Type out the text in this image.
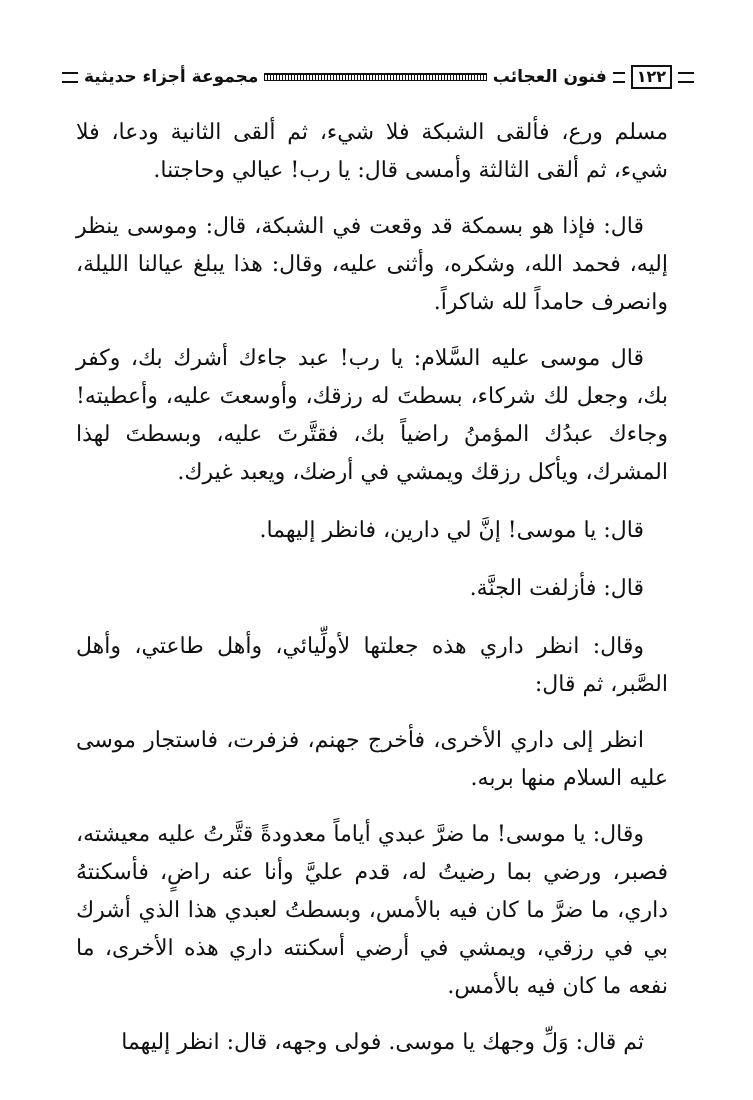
١٢٢
فنون العجائب
مجموعة أجزاء حديثية

مسلم ورع، فألقى الشبكة فلا شيء، ثم ألقى الثانية ودعا، فلا شيء، ثم ألقى الثالثة وأمسى قال: يا رب! عيالي وحاجتنا.

قال: فإذا هو بسمكة قد وقعت في الشبكة، قال: وموسى ينظر إليه، فحمد الله، وشكره، وأثنى عليه، وقال: هذا يبلغ عيالنا الليلة، وانصرف حامداً لله شاكراً.

قال موسى عليه السَّلام: يا رب! عبد جاءك أشرك بك، وكفر بك، وجعل لك شركاء، بسطتَ له رزقك، وأوسعتَ عليه، وأعطيته! وجاءك عبدُك المؤمنُ راضياً بك، فقتَّرتَ عليه، وبسطتَ لهذا المشرك، ويأكل رزقك ويمشي في أرضك، ويعبد غيرك.

قال: يا موسى! إنَّ لي دارين، فانظر إليهما.

قال: فأزلفت الجنَّة.

وقال: انظر داري هذه جعلتها لأولِّيائي، وأهل طاعتي، وأهل الصَّبر، ثم قال:

انظر إلى داري الأخرى، فأخرج جهنم، فزفرت، فاستجار موسى عليه السلام منها بربه.

وقال: يا موسى! ما ضرَّ عبدي أياماً معدودةً قتَّرتُ عليه معيشته، فصبر، ورضي بما رضيتُ له، قدم عليَّ وأنا عنه راضٍ، فأسكنتهُ داري، ما ضرَّ ما كان فيه بالأمس، وبسطتُ لعبدي هذا الذي أشرك بي في رزقي، ويمشي في أرضي أسكنته داري هذه الأخرى، ما نفعه ما كان فيه بالأمس.

ثم قال: وَلِّ وجهك يا موسى. فولى وجهه، قال: انظر إليهما
